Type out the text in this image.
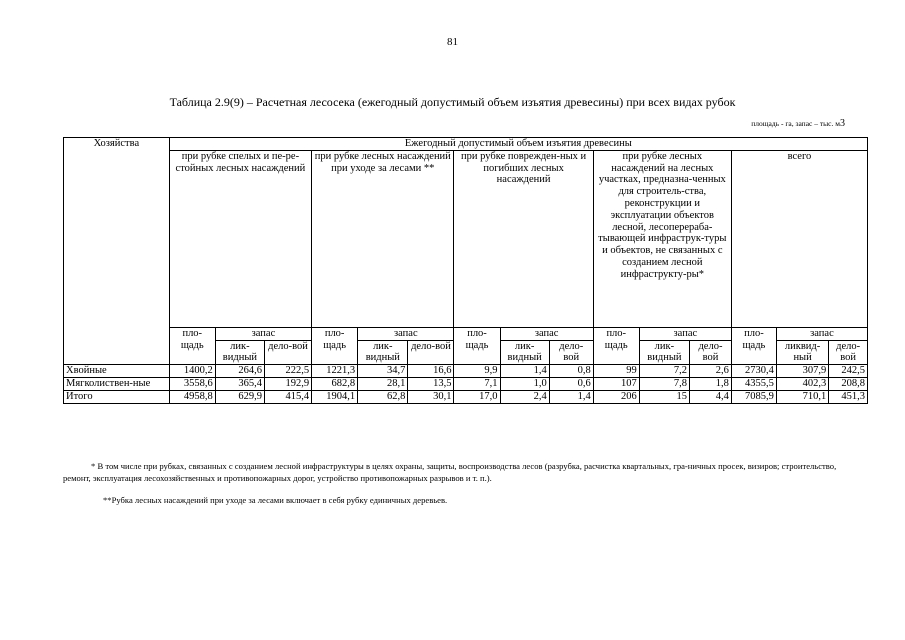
81
Таблица 2.9(9) – Расчетная лесосека (ежегодный допустимый объем изъятия древесины) при всех видах рубок
площадь - га, запас – тыс. м3
Хозяйства	Ежегодный допустимый объем изъятия древесины														
	при рубке спелых и пе-рестойных лесных насаждений			при рубке лесных насаждений при уходе за лесами **			при рубке поврежден-ных и погибших лесных насаждений			при рубке лесных насаждений на лесных участках, предназна-ченных для строитель-ства, реконструкции и эксплуатации объектов лесной, лесоперераба-тывающей инфраструк-туры и объектов, не связанных с созданием лесной инфраструкту-ры*			всего		
	пло-щадь	запас		пло-щадь	запас		пло-щадь	запас		пло-щадь	запас		пло-щадь	запас	
		лик-видный	дело-вой		лик-видный	дело-вой		лик-видный	дело-вой		лик-видный	дело-вой		ликвид-ный	дело-вой
Хвойные	1400,2	264,6	222,5	1221,3	34,7	16,6	9,9	1,4	0,8	99	7,2	2,6	2730,4	307,9	242,5
Мягколиствен-ные	3558,6	365,4	192,9	682,8	28,1	13,5	7,1	1,0	0,6	107	7,8	1,8	4355,5	402,3	208,8
Итого	4958,8	629,9	415,4	1904,1	62,8	30,1	17,0	2,4	1,4	206	15	4,4	7085,9	710,1	451,3

* В том числе при рубках, связанных с созданием лесной инфраструктуры в целях охраны, защиты, воспроизводства лесов (разрубка, расчистка квартальных, гра-ничных просек, визиров; строительство, ремонт, эксплуатация лесохозяйственных и противопожарных дорог, устройство противопожарных разрывов и т. п.).

**Рубка лесных насаждений при уходе за лесами включает в себя рубку единичных деревьев.
